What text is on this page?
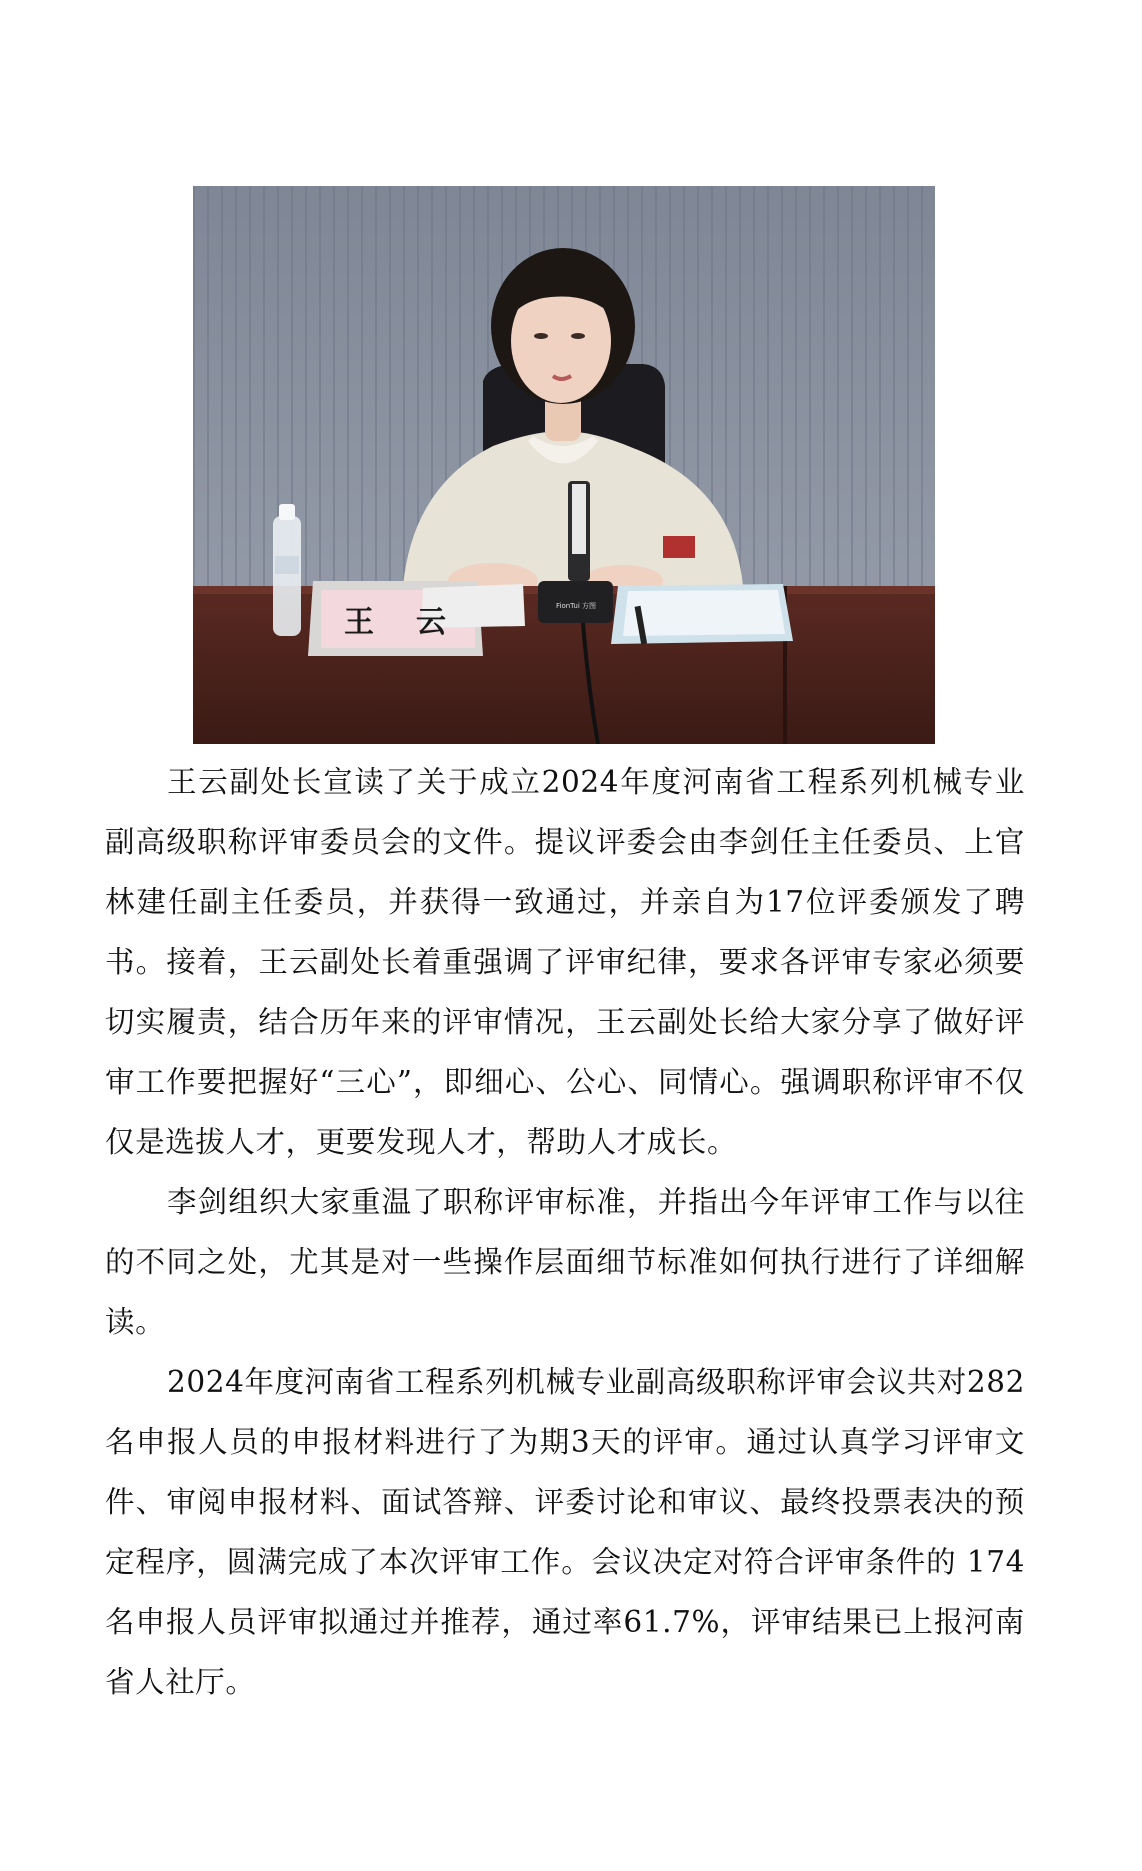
王　云	FionTui 方图

王云副处长宣读了关于成立2024年度河南省工程系列机械专业副高级职称评审委员会的文件。提议评委会由李剑任主任委员、上官林建任副主任委员，并获得一致通过，并亲自为17位评委颁发了聘书。接着，王云副处长着重强调了评审纪律，要求各评审专家必须要切实履责，结合历年来的评审情况，王云副处长给大家分享了做好评审工作要把握好“三心”，即细心、公心、同情心。强调职称评审不仅仅是选拔人才，更要发现人才，帮助人才成长。

李剑组织大家重温了职称评审标准，并指出今年评审工作与以往的不同之处，尤其是对一些操作层面细节标准如何执行进行了详细解读。

2024年度河南省工程系列机械专业副高级职称评审会议共对282名申报人员的申报材料进行了为期3天的评审。通过认真学习评审文件、审阅申报材料、面试答辩、评委讨论和审议、最终投票表决的预定程序，圆满完成了本次评审工作。会议决定对符合评审条件的 174名申报人员评审拟通过并推荐，通过率61.7%，评审结果已上报河南省人社厅。
